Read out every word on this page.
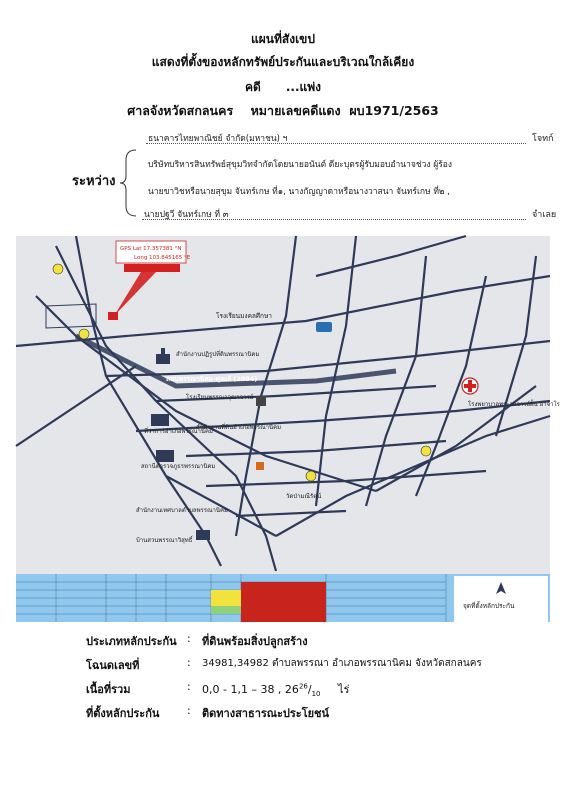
แผนที่สังเขป
แสดงที่ตั้งของหลักทรัพย์ประกันและบริเวณใกล้เคียง
คดี      ...แพ่ง
ศาลจังหวัดสกลนคร    หมายเลขคดีแดง  ผบ1971/2563
ระหว่าง
ธนาคารไทยพาณิชย์ จำกัด(มหาชน) ฯ	โจทก์
บริษัทบริหารสินทรัพย์สุขุมวิทจำกัดโดยนายอนันต์ ดียะบุตรผู้รับมอบอำนาจช่วง ผู้ร้อง
นายขาวิชหรือนายสุขุม จันทร์เกษ ที่๑, นางกัญญาดาหรือนางวาสนา จันทร์เกษ ที่๒ ,
นายปฐวี จันทร์เกษ ที่ ๓	จำเลย
GPS Lat 17.357381 °N
Long 103.845165 °E
โรงเรียนมงคลศึกษา
สำนักงานปฏิรูปที่ดินพรรณานิคม
ถนนพรรณานิคม-ทุ่งแย้ (2094)
โรงเรียนพรรณาวุฒาจารย์
สำนักงานที่ดินอำเภอพรรณานิคม
ที่ว่าการอำเภอพรรณานิคม
สถานีตำรวจภูธรพรรณานิคม
โรงพยาบาลพระอาจารย์ฝั้น อาจาโร
วัดป่ามณีรัตน์
สำนักงานเทศบาลตำบลพรรณานิคม
บ้านสวนพรรณาวิสุทธิ์
จุดที่ตั้งหลักประกัน
ประเภทหลักประกัน : ที่ดินพร้อมสิ่งปลูกสร้าง
โฉนดเลขที่	: 34981,34982 ตำบลพรรณา อำเภอพรรณานิคม จังหวัดสกลนคร
เนื้อที่รวม	: 0,0 - 1,1 – 38 , $26^{26}/_{10}$ ไร่
ที่ตั้งหลักประกัน	: ติดทางสาธารณะประโยชน์
